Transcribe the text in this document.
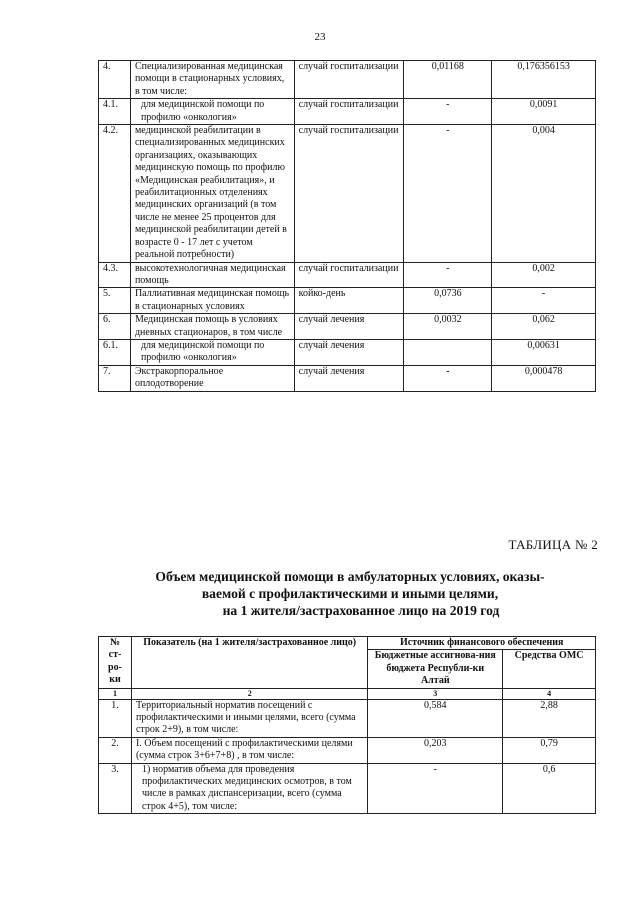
23
4.	Специализированная медицинская помощи в стационарных условиях, в том числе:	случай госпитализации	0,01168	0,176356153
4.1.	для медицинской помощи по профилю «онкология»	случай госпитализации	-	0,0091
4.2.	медицинской реабилитации в специализированных медицинских организациях, оказывающих медицинскую помощь по профилю «Медицинская реабилитация», и реабилитационных отделениях медицинских организаций (в том числе не менее 25 процентов для медицинской реабилитации детей в возрасте 0 - 17 лет с учетом реальной потребности)	случай госпитализации	-	0,004
4.3.	высокотехнологичная медицинская помощь	случай госпитализации	-	0,002
5.	Паллиативная медицинская помощь в стационарных условиях	койко-день	0,0736	-
6.	Медицинская помощь в условиях дневных стационаров, в том числе	случай лечения	0,0032	0,062
6.1.	для медицинской помощи по профилю «онкология»	случай лечения		0,00631
7.	Экстракорпоральное оплодотворение	случай лечения	-	0,000478
ТАБЛИЦА № 2
Объем медицинской помощи в амбулаторных условиях, оказы-
ваемой с профилактическими и иными целями,
на 1 жителя/застрахованное лицо на 2019 год
№ ст-ро-ки	Показатель (на 1 жителя/застрахованное лицо)	Источник финансового обеспечения	
		Бюджетные ассигнова-ния бюджета Республи-ки Алтай	Средства ОМС
1	2	3	4
1.	Территориальный норматив посещений с профилактическими и иными целями, всего (сумма строк 2+9), в том числе:	0,584	2,88
2.	I. Объем посещений с профилактическими целями (сумма строк 3+6+7+8) , в том числе:	0,203	0,79
3.	1) норматив объема для проведения профилактических медицинских осмотров, в том числе в рамках диспансеризации, всего (сумма строк 4+5), том числе:	-	0,6
